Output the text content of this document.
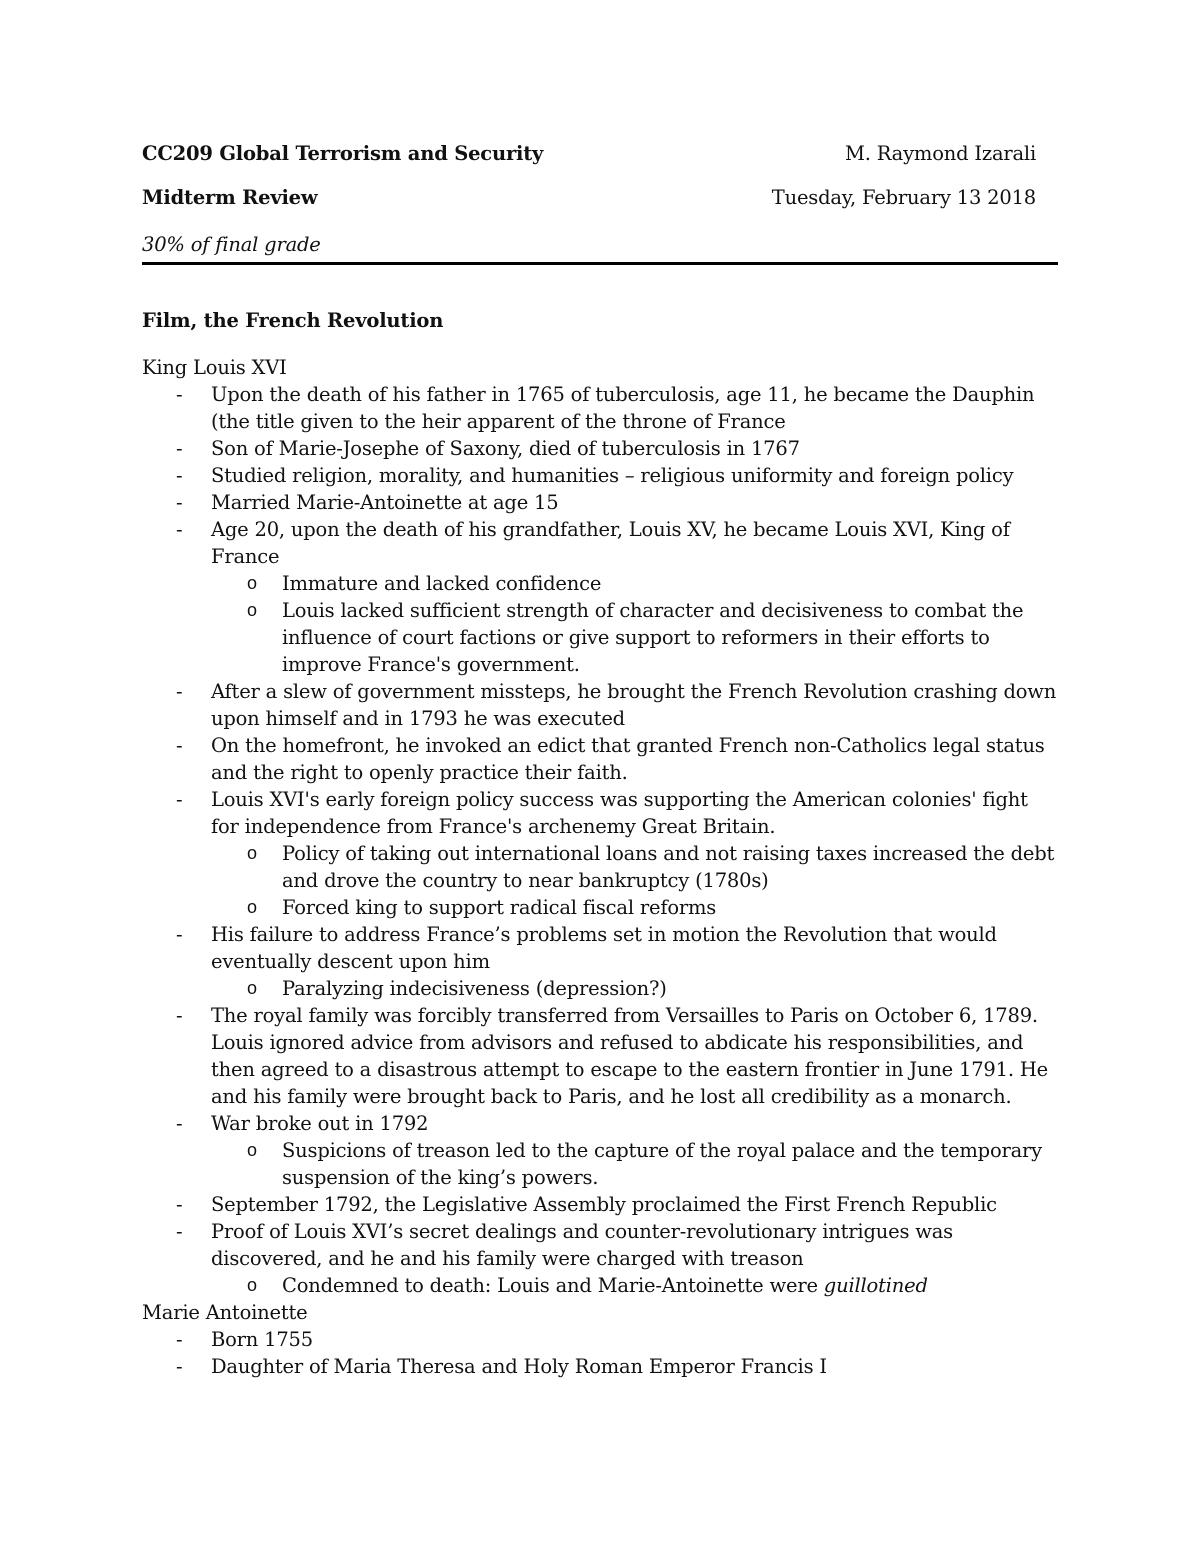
CC209 Global Terrorism and Security	M. Raymond Izarali
Midterm Review	Tuesday, February 13 2018
30% of final grade
Film, the French Revolution
King Louis XVI
- Upon the death of his father in 1765 of tuberculosis, age 11, he became the Dauphin (the title given to the heir apparent of the throne of France
- Son of Marie-Josephe of Saxony, died of tuberculosis in 1767
- Studied religion, morality, and humanities – religious uniformity and foreign policy
- Married Marie-Antoinette at age 15
- Age 20, upon the death of his grandfather, Louis XV, he became Louis XVI, King of France
o Immature and lacked confidence
o Louis lacked sufficient strength of character and decisiveness to combat the influence of court factions or give support to reformers in their efforts to improve France's government.
- After a slew of government missteps, he brought the French Revolution crashing down upon himself and in 1793 he was executed
- On the homefront, he invoked an edict that granted French non-Catholics legal status and the right to openly practice their faith.
- Louis XVI's early foreign policy success was supporting the American colonies' fight for independence from France's archenemy Great Britain.
o Policy of taking out international loans and not raising taxes increased the debt and drove the country to near bankruptcy (1780s)
o Forced king to support radical fiscal reforms
- His failure to address France’s problems set in motion the Revolution that would eventually descent upon him
o Paralyzing indecisiveness (depression?)
- The royal family was forcibly transferred from Versailles to Paris on October 6, 1789. Louis ignored advice from advisors and refused to abdicate his responsibilities, and then agreed to a disastrous attempt to escape to the eastern frontier in June 1791. He and his family were brought back to Paris, and he lost all credibility as a monarch.
- War broke out in 1792
o Suspicions of treason led to the capture of the royal palace and the temporary suspension of the king’s powers.
- September 1792, the Legislative Assembly proclaimed the First French Republic
- Proof of Louis XVI’s secret dealings and counter-revolutionary intrigues was discovered, and he and his family were charged with treason
o Condemned to death: Louis and Marie-Antoinette were guillotined
Marie Antoinette
- Born 1755
- Daughter of Maria Theresa and Holy Roman Emperor Francis I
